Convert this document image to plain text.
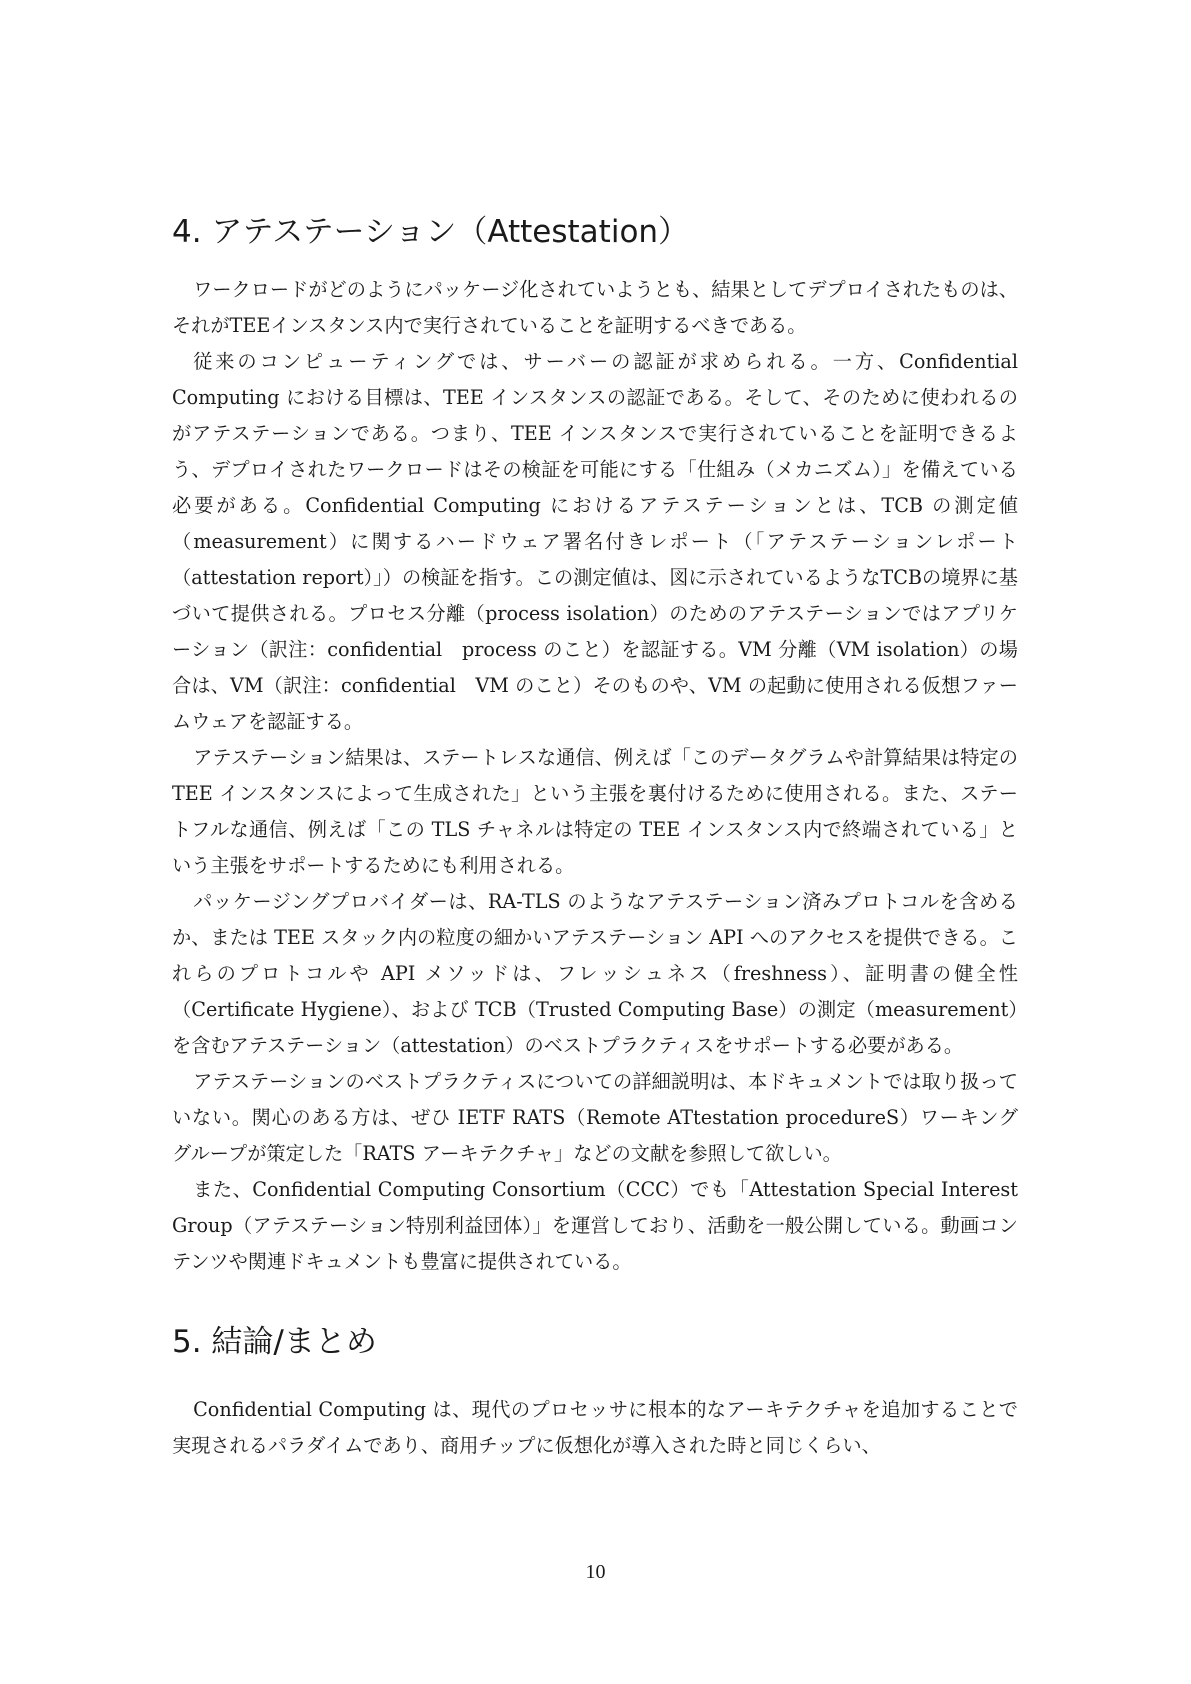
4. アテステーション（Attestation）

ワークロードがどのようにパッケージ化されていようとも、結果としてデプロイされたものは、それがTEEインスタンス内で実行されていることを証明するべきである。

従来のコンピューティングでは、サーバーの認証が求められる。一方、Confidential Computing における目標は、TEE インスタンスの認証である。そして、そのために使われるのがアテステーションである。つまり、TEE インスタンスで実行されていることを証明できるよう、デプロイされたワークロードはその検証を可能にする「仕組み（メカニズム）」を備えている必要がある。Confidential Computing におけるアテステーションとは、TCB の測定値（measurement）に関するハードウェア署名付きレポート（「アテステーションレポート（attestation report）」）の検証を指す。この測定値は、図に示されているようなTCBの境界に基づいて提供される。プロセス分離（process isolation）のためのアテステーションではアプリケーション（訳注：confidential　process のこと）を認証する。VM 分離（VM isolation）の場合は、VM（訳注：confidential　VM のこと）そのものや、VM の起動に使用される仮想ファームウェアを認証する。

アテステーション結果は、ステートレスな通信、例えば「このデータグラムや計算結果は特定の TEE インスタンスによって生成された」という主張を裏付けるために使用される。また、ステートフルな通信、例えば「この TLS チャネルは特定の TEE インスタンス内で終端されている」という主張をサポートするためにも利用される。

パッケージングプロバイダーは、RA-TLS のようなアテステーション済みプロトコルを含めるか、または TEE スタック内の粒度の細かいアテステーション API へのアクセスを提供できる。これらのプロトコルや API メソッドは、フレッシュネス（freshness）、証明書の健全性（Certificate Hygiene）、および TCB（Trusted Computing Base）の測定（measurement）を含むアテステーション（attestation）のベストプラクティスをサポートする必要がある。

アテステーションのベストプラクティスについての詳細説明は、本ドキュメントでは取り扱っていない。関心のある方は、ぜひ IETF RATS（Remote ATtestation procedureS）ワーキンググループが策定した「RATS アーキテクチャ」などの文献を参照して欲しい。

また、Confidential Computing Consortium（CCC）でも「Attestation Special Interest Group（アテステーション特別利益団体）」を運営しており、活動を一般公開している。動画コンテンツや関連ドキュメントも豊富に提供されている。

5. 結論/まとめ

Confidential Computing は、現代のプロセッサに根本的なアーキテクチャを追加することで実現されるパラダイムであり、商用チップに仮想化が導入された時と同じくらい、

10
